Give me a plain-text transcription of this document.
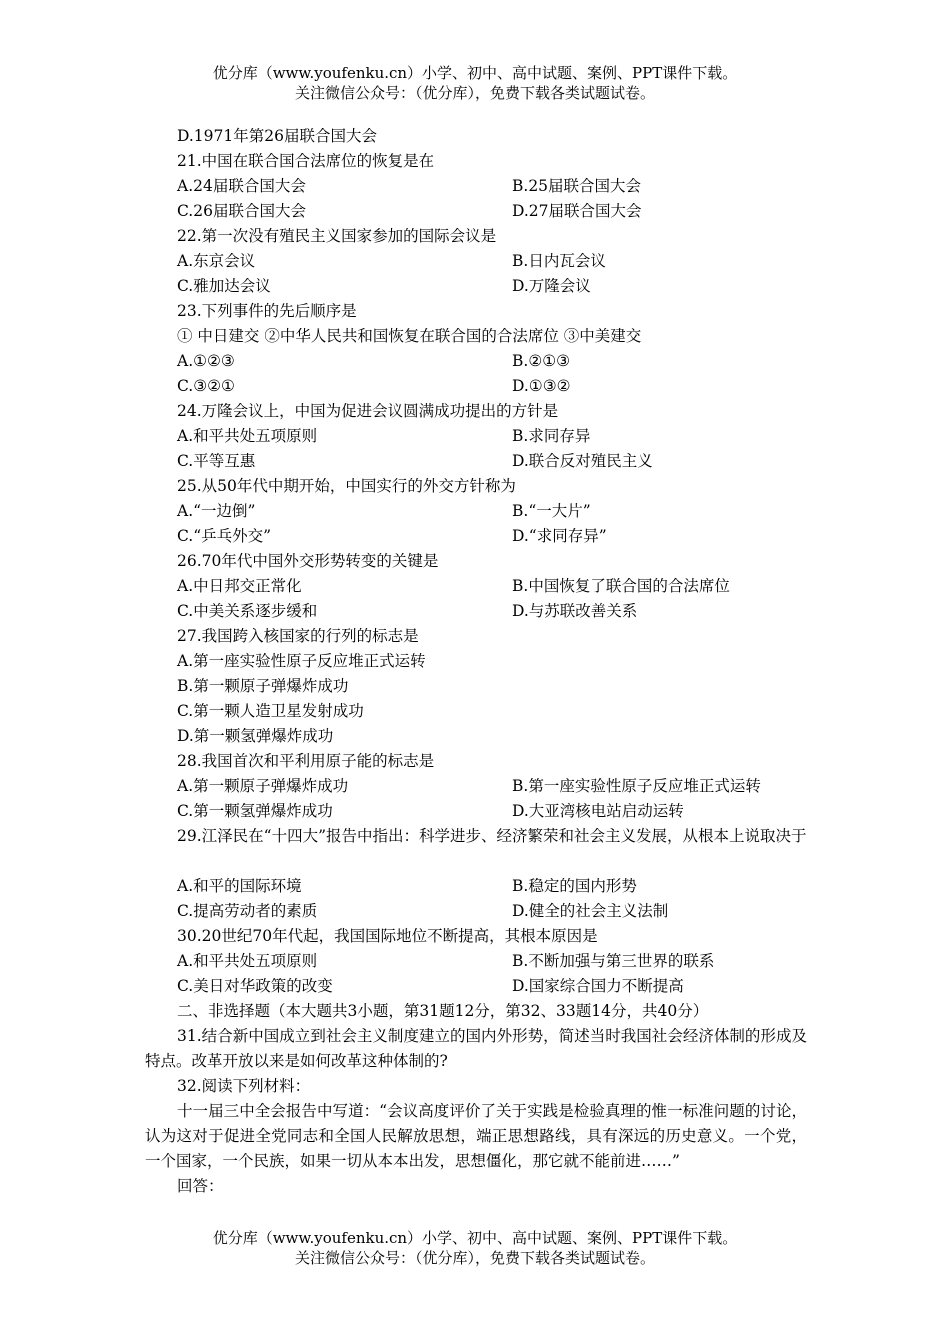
优分库（www.youfenku.cn）小学、初中、高中试题、案例、PPT课件下载。
关注微信公众号：（优分库），免费下载各类试题试卷。
D.1971年第26届联合国大会
21.中国在联合国合法席位的恢复是在
A.24届联合国大会	B.25届联合国大会
C.26届联合国大会	D.27届联合国大会
22.第一次没有殖民主义国家参加的国际会议是
A.东京会议	B.日内瓦会议
C.雅加达会议	D.万隆会议
23.下列事件的先后顺序是
① 中日建交 ②中华人民共和国恢复在联合国的合法席位 ③中美建交
A.①②③	B.②①③
C.③②①	D.①③②
24.万隆会议上，中国为促进会议圆满成功提出的方针是
A.和平共处五项原则	B.求同存异
C.平等互惠	D.联合反对殖民主义
25.从50年代中期开始，中国实行的外交方针称为
A.“一边倒”	B.“一大片”
C.“乒乓外交”	D.“求同存异”
26.70年代中国外交形势转变的关键是
A.中日邦交正常化	B.中国恢复了联合国的合法席位
C.中美关系逐步缓和	D.与苏联改善关系
27.我国跨入核国家的行列的标志是
A.第一座实验性原子反应堆正式运转
B.第一颗原子弹爆炸成功
C.第一颗人造卫星发射成功
D.第一颗氢弹爆炸成功
28.我国首次和平利用原子能的标志是
A.第一颗原子弹爆炸成功	B.第一座实验性原子反应堆正式运转
C.第一颗氢弹爆炸成功	D.大亚湾核电站启动运转
29.江泽民在“十四大”报告中指出：科学进步、经济繁荣和社会主义发展，从根本上说取决于
A.和平的国际环境	B.稳定的国内形势
C.提高劳动者的素质	D.健全的社会主义法制
30.20世纪70年代起，我国国际地位不断提高，其根本原因是
A.和平共处五项原则	B.不断加强与第三世界的联系
C.美日对华政策的改变	D.国家综合国力不断提高
二、非选择题（本大题共3小题，第31题12分，第32、33题14分，共40分）
31.结合新中国成立到社会主义制度建立的国内外形势，简述当时我国社会经济体制的形成及特点。改革开放以来是如何改革这种体制的?
32.阅读下列材料：
十一届三中全会报告中写道：“会议高度评价了关于实践是检验真理的惟一标准问题的讨论，认为这对于促进全党同志和全国人民解放思想，端正思想路线，具有深远的历史意义。一个党，一个国家，一个民族，如果一切从本本出发，思想僵化，那它就不能前进……”
回答：
优分库（www.youfenku.cn）小学、初中、高中试题、案例、PPT课件下载。
关注微信公众号：（优分库），免费下载各类试题试卷。
